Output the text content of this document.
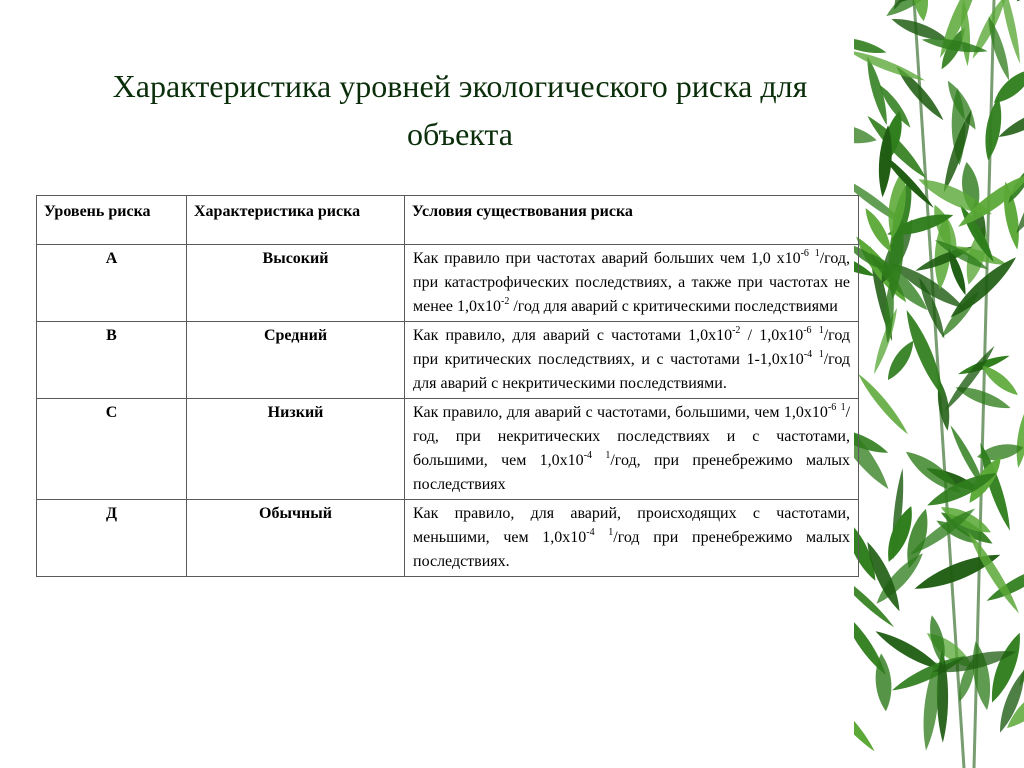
Характеристика уровней экологического риска для
объекта
Уровень риска	Характеристика риска	Условия существования риска
А	Высокий	Как правило при частотах аварий больших чем 1,0 $х10^{-6}$ $^1$/год, при катастрофических последствиях, а также при частотах не менее $1,0х10^{-2}$ /год для аварий с критическими последствиями
В	Средний	Как правило, для аварий с частотами $1,0х10^{-2} / 1,0х10^{-6}$ $^1$/год при критических последствиях, и с частотами $1-1,0х10^{-4}$ $^1$/год для аварий с некритическими последствиями.
С	Низкий	Как правило, для аварий с частотами, большими, чем $1,0х10^{-6}$ $^1$/год, при некритических последствиях и с частотами, большими, чем $1,0х10^{-4}$ $^1$/год, при пренебрежимо малых последствиях
Д	Обычный	Как правило, для аварий, происходящих с частотами, меньшими, чем $1,0х10^{-4}$ $^1$/год при пренебрежимо малых последствиях.
